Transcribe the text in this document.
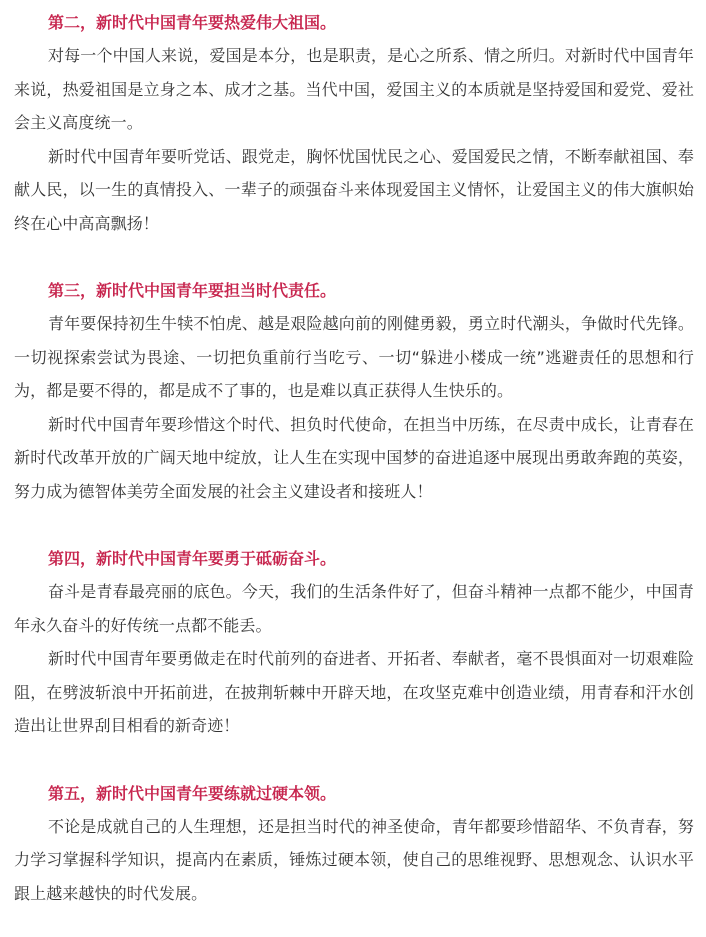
第二，新时代中国青年要热爱伟大祖国。

对每一个中国人来说，爱国是本分，也是职责，是心之所系、情之所归。对新时代中国青年来说，热爱祖国是立身之本、成才之基。当代中国，爱国主义的本质就是坚持爱国和爱党、爱社会主义高度统一。

新时代中国青年要听党话、跟党走，胸怀忧国忧民之心、爱国爱民之情，不断奉献祖国、奉献人民，以一生的真情投入、一辈子的顽强奋斗来体现爱国主义情怀，让爱国主义的伟大旗帜始终在心中高高飘扬！

第三，新时代中国青年要担当时代责任。

青年要保持初生牛犊不怕虎、越是艰险越向前的刚健勇毅，勇立时代潮头，争做时代先锋。一切视探索尝试为畏途、一切把负重前行当吃亏、一切“躲进小楼成一统”逃避责任的思想和行为，都是要不得的，都是成不了事的，也是难以真正获得人生快乐的。

新时代中国青年要珍惜这个时代、担负时代使命，在担当中历练，在尽责中成长，让青春在新时代改革开放的广阔天地中绽放，让人生在实现中国梦的奋进追逐中展现出勇敢奔跑的英姿，努力成为德智体美劳全面发展的社会主义建设者和接班人！

第四，新时代中国青年要勇于砥砺奋斗。

奋斗是青春最亮丽的底色。今天，我们的生活条件好了，但奋斗精神一点都不能少，中国青年永久奋斗的好传统一点都不能丢。

新时代中国青年要勇做走在时代前列的奋进者、开拓者、奉献者，毫不畏惧面对一切艰难险阻，在劈波斩浪中开拓前进，在披荆斩棘中开辟天地，在攻坚克难中创造业绩，用青春和汗水创造出让世界刮目相看的新奇迹！

第五，新时代中国青年要练就过硬本领。

不论是成就自己的人生理想，还是担当时代的神圣使命，青年都要珍惜韶华、不负青春，努力学习掌握科学知识，提高内在素质，锤炼过硬本领，使自己的思维视野、思想观念、认识水平跟上越来越快的时代发展。
